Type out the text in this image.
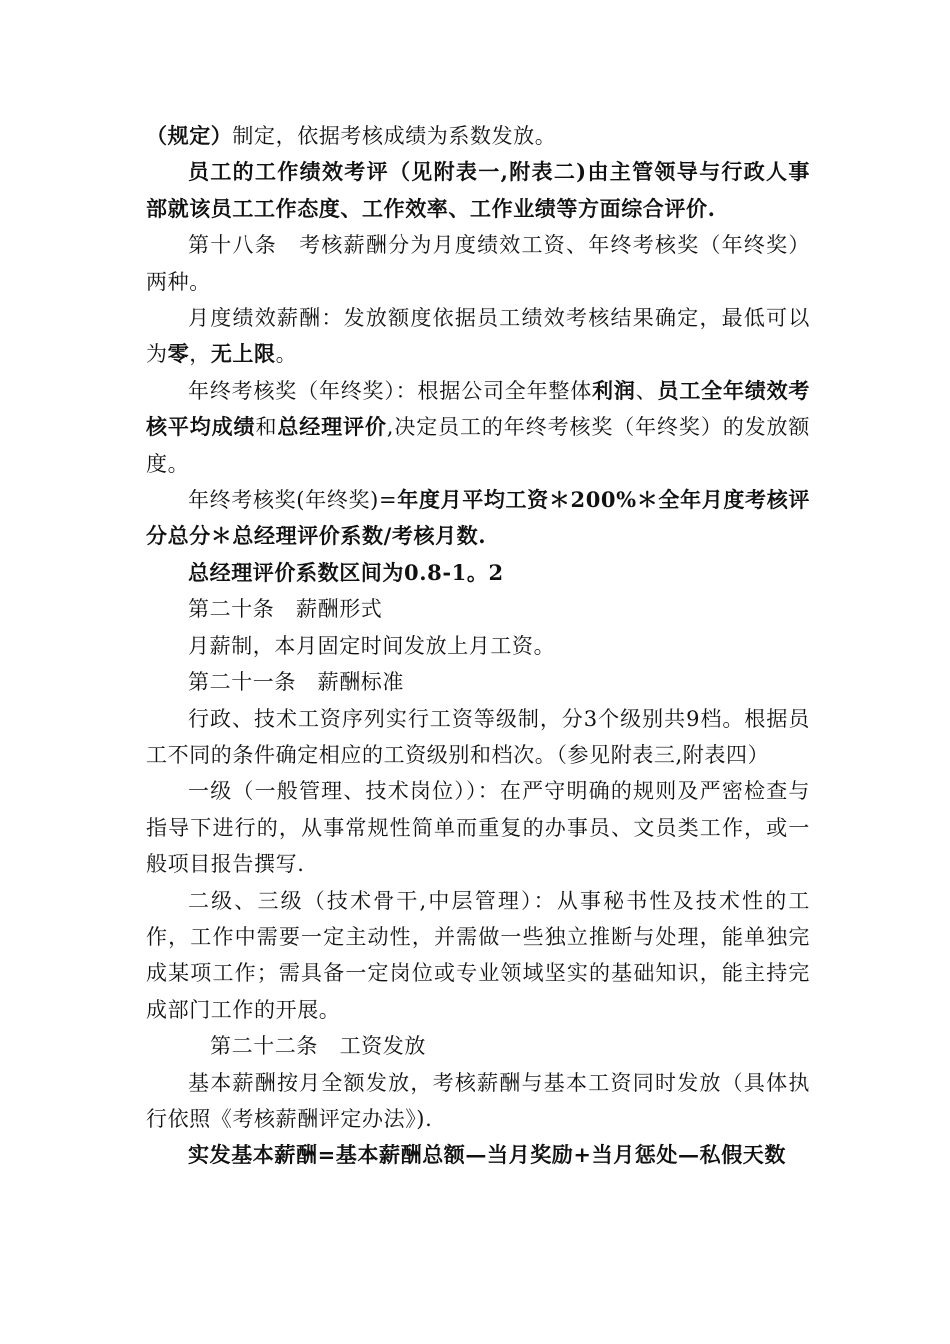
（规定）制定，依据考核成绩为系数发放。

员工的工作绩效考评（见附表一,附表二)由主管领导与行政人事部就该员工工作态度、工作效率、工作业绩等方面综合评价.

第十八条　考核薪酬分为月度绩效工资、年终考核奖（年终奖）两种。

月度绩效薪酬：发放额度依据员工绩效考核结果确定，最低可以为零，无上限。

年终考核奖（年终奖）：根据公司全年整体利润、员工全年绩效考核平均成绩和总经理评价,决定员工的年终考核奖（年终奖）的发放额度。

年终考核奖(年终奖)=年度月平均工资＊200%＊全年月度考核评分总分＊总经理评价系数/考核月数.

总经理评价系数区间为0.8-1。2

第二十条　薪酬形式

月薪制，本月固定时间发放上月工资。

第二十一条　薪酬标准

行政、技术工资序列实行工资等级制，分3个级别共9档。根据员工不同的条件确定相应的工资级别和档次。（参见附表三,附表四）

一级（一般管理、技术岗位））：在严守明确的规则及严密检查与指导下进行的，从事常规性简单而重复的办事员、文员类工作，或一般项目报告撰写.

二级、三级（技术骨干,中层管理）：从事秘书性及技术性的工作，工作中需要一定主动性，并需做一些独立推断与处理，能单独完成某项工作；需具备一定岗位或专业领域坚实的基础知识，能主持完成部门工作的开展。

第二十二条　工资发放

基本薪酬按月全额发放，考核薪酬与基本工资同时发放（具体执行依照《考核薪酬评定办法》).

实发基本薪酬=基本薪酬总额—当月奖励+当月惩处—私假天数
